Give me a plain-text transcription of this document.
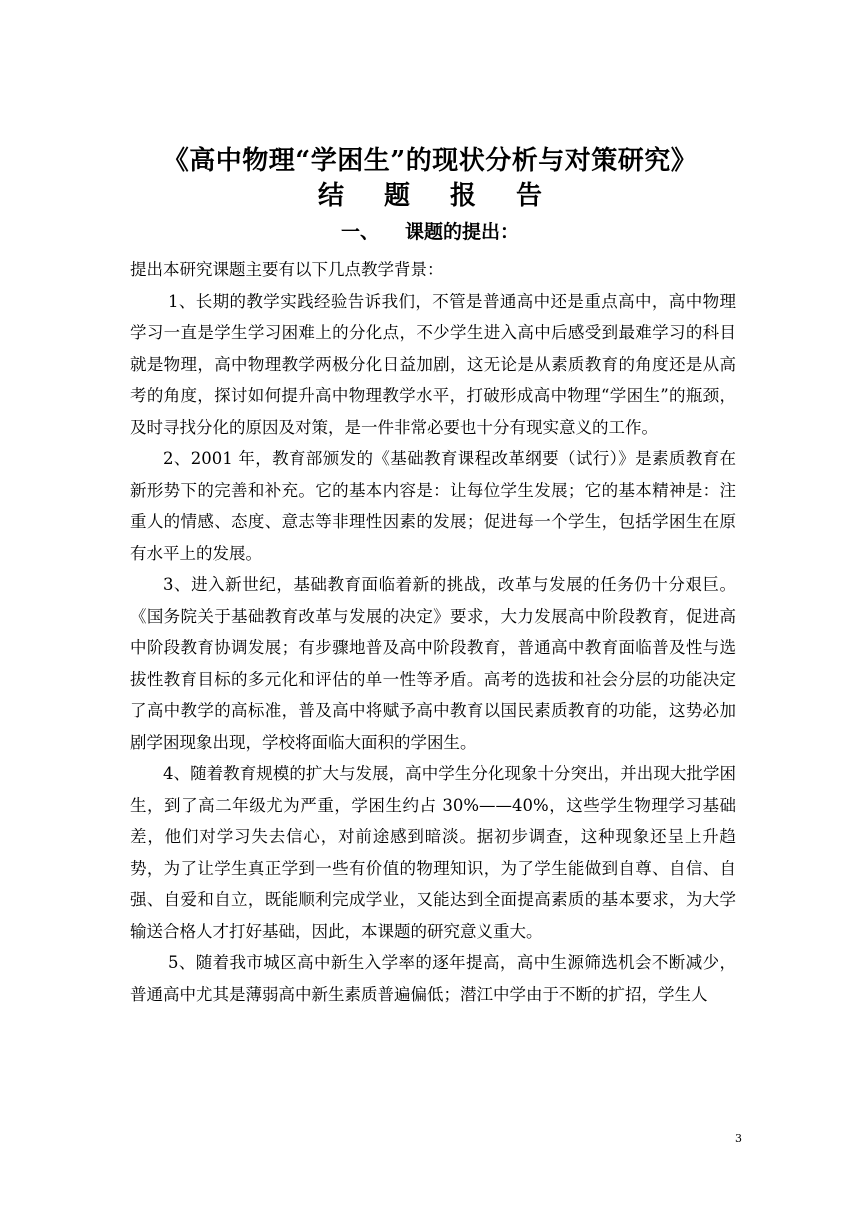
《高中物理“学困生”的现状分析与对策研究》
结题报告
一、 课题的提出：

提出本研究课题主要有以下几点教学背景：

1、长期的教学实践经验告诉我们，不管是普通高中还是重点高中，高中物理学习一直是学生学习困难上的分化点，不少学生进入高中后感受到最难学习的科目就是物理，高中物理教学两极分化日益加剧，这无论是从素质教育的角度还是从高考的角度，探讨如何提升高中物理教学水平，打破形成高中物理“学困生”的瓶颈，及时寻找分化的原因及对策，是一件非常必要也十分有现实意义的工作。

2、2001 年，教育部颁发的《基础教育课程改革纲要（试行）》是素质教育在新形势下的完善和补充。它的基本内容是：让每位学生发展；它的基本精神是：注重人的情感、态度、意志等非理性因素的发展；促进每一个学生，包括学困生在原有水平上的发展。

3、进入新世纪，基础教育面临着新的挑战，改革与发展的任务仍十分艰巨。《国务院关于基础教育改革与发展的决定》要求，大力发展高中阶段教育，促进高中阶段教育协调发展；有步骤地普及高中阶段教育，普通高中教育面临普及性与选拔性教育目标的多元化和评估的单一性等矛盾。高考的选拔和社会分层的功能决定了高中教学的高标准，普及高中将赋予高中教育以国民素质教育的功能，这势必加剧学困现象出现，学校将面临大面积的学困生。

4、随着教育规模的扩大与发展，高中学生分化现象十分突出，并出现大批学困生，到了高二年级尤为严重，学困生约占 30%——40%，这些学生物理学习基础差，他们对学习失去信心，对前途感到暗淡。据初步调查，这种现象还呈上升趋势，为了让学生真正学到一些有价值的物理知识，为了学生能做到自尊、自信、自强、自爱和自立，既能顺利完成学业，又能达到全面提高素质的基本要求，为大学输送合格人才打好基础，因此，本课题的研究意义重大。

5、随着我市城区高中新生入学率的逐年提高，高中生源筛选机会不断减少，普通高中尤其是薄弱高中新生素质普遍偏低；潜江中学由于不断的扩招，学生人

3
